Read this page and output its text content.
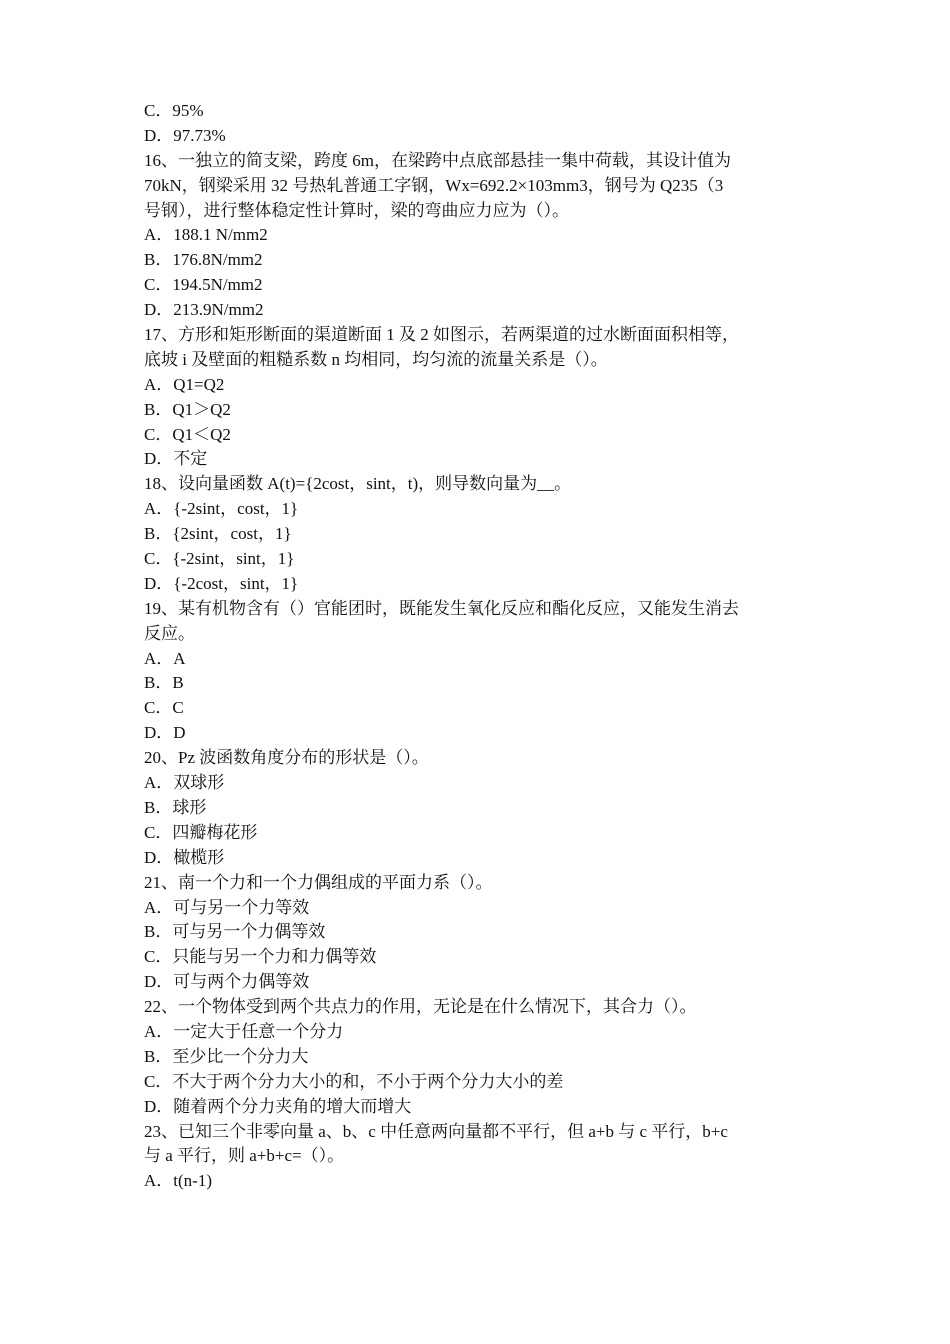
C．95%
D．97.73%
16、一独立的简支梁，跨度 6m，在梁跨中点底部悬挂一集中荷载，其设计值为
70kN，钢梁采用 32 号热轧普通工字钢，Wx=692.2×103mm3，钢号为 Q235（3
号钢），进行整体稳定性计算时，梁的弯曲应力应为（）。
A．188.1 N/mm2
B．176.8N/mm2
C．194.5N/mm2
D．213.9N/mm2
17、方形和矩形断面的渠道断面 1 及 2 如图示，若两渠道的过水断面面积相等，
底坡 i 及壁面的粗糙系数 n 均相同，均匀流的流量关系是（）。
A．Q1=Q2
B．Q1＞Q2
C．Q1＜Q2
D．不定
18、设向量函数 A(t)={2cost，sint，t)，则导数向量为__。
A．{-2sint，cost，1}
B．{2sint，cost，1}
C．{-2sint，sint，1}
D．{-2cost，sint，1}
19、某有机物含有（）官能团时，既能发生氧化反应和酯化反应，又能发生消去
反应。
A．A
B．B
C．C
D．D
20、Pz 波函数角度分布的形状是（）。
A．双球形
B．球形
C．四瓣梅花形
D．橄榄形
21、南一个力和一个力偶组成的平面力系（）。
A．可与另一个力等效
B．可与另一个力偶等效
C．只能与另一个力和力偶等效
D．可与两个力偶等效
22、一个物体受到两个共点力的作用，无论是在什么情况下，其合力（）。
A．一定大于任意一个分力
B．至少比一个分力大
C．不大于两个分力大小的和，不小于两个分力大小的差
D．随着两个分力夹角的增大而增大
23、已知三个非零向量 a、b、c 中任意两向量都不平行，但 a+b 与 c 平行，b+c
与 a 平行，则 a+b+c=（）。
A．t(n-1)
